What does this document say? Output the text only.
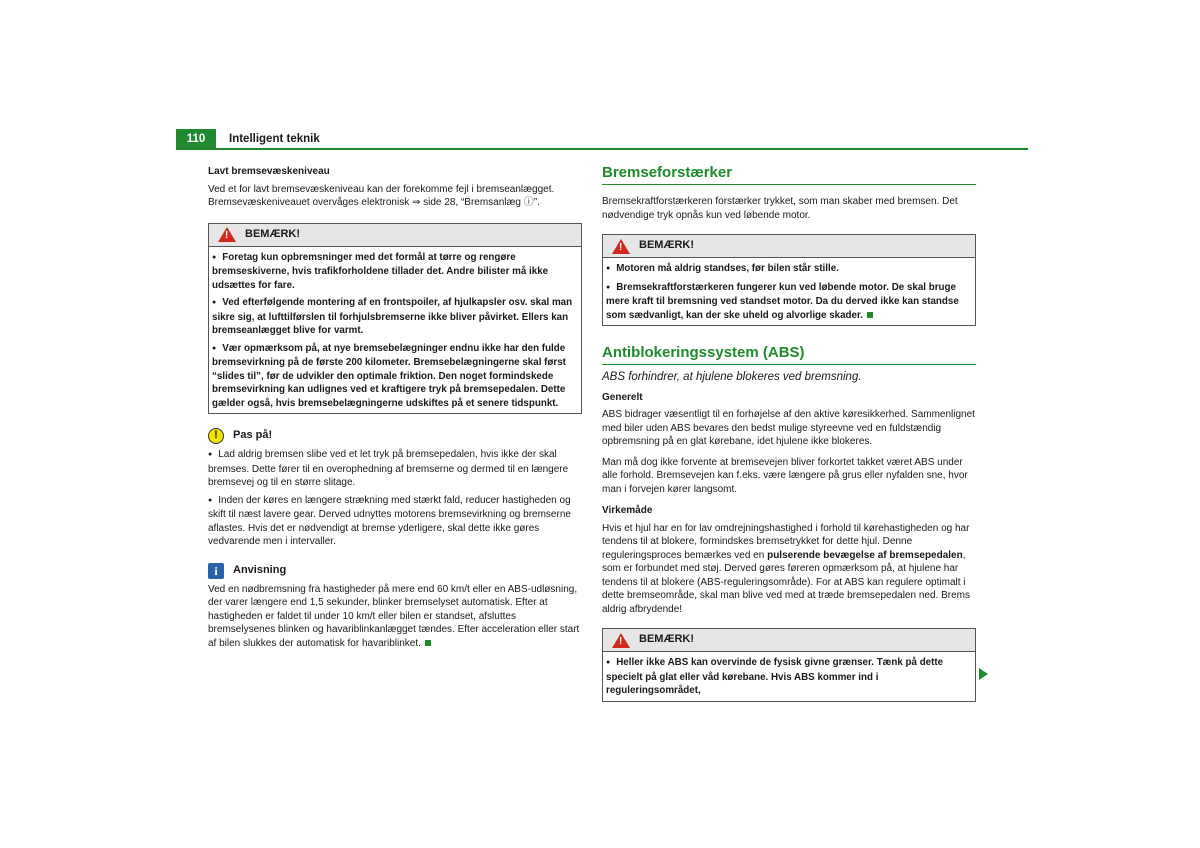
110	Intelligent teknik

Lavt bremsevæskeniveau

Ved et for lavt bremsevæskeniveau kan der forekomme fejl i bremseanlægget. Bremsevæskeniveauet overvåges elektronisk ⇒ side 28, “Bremsanlæg ⓘ”.

!
BEMÆRK!

● Foretag kun opbremsninger med det formål at tørre og rengøre bremseskiverne, hvis trafikforholdene tillader det. Andre bilister må ikke udsættes for fare.

● Ved efterfølgende montering af en frontspoiler, af hjulkapsler osv. skal man sikre sig, at lufttilførslen til forhjulsbremserne ikke bliver påvirket. Ellers kan bremseanlægget blive for varmt.

● Vær opmærksom på, at nye bremsebelægninger endnu ikke har den fulde bremsevirkning på de første 200 kilometer. Bremsebelægningerne skal først “slides til”, før de udvikler den optimale friktion. Den noget formindskede bremsevirkning kan udlignes ved et kraftigere tryk på bremsepedalen. Dette gælder også, hvis bremsebelægningerne udskiftes på et senere tidspunkt.

!	Pas på!

● Lad aldrig bremsen slibe ved et let tryk på bremsepedalen, hvis ikke der skal bremses. Dette fører til en overophedning af bremserne og dermed til en længere bremsevej og til en større slitage.

● Inden der køres en længere strækning med stærkt fald, reducer hastigheden og skift til næst lavere gear. Derved udnyttes motorens bremsevirkning og bremserne aflastes. Hvis det er nødvendigt at bremse yderligere, skal dette ikke gøres vedvarende men i intervaller.

i	Anvisning

Ved en nødbremsning fra hastigheder på mere end 60 km/t eller en ABS-udløsning, der varer længere end 1,5 sekunder, blinker bremselyset automatisk. Efter at hastigheden er faldet til under 10 km/t eller bilen er standset, afsluttes bremselysenes blinken og havariblinkanlægget tændes. Efter acceleration eller start af bilen slukkes der automatisk for havariblinket.

Bremseforstærker

Bremsekraftforstærkeren forstærker trykket, som man skaber med bremsen. Det nødvendige tryk opnås kun ved løbende motor.

!
BEMÆRK!

● Motoren må aldrig standses, før bilen står stille.

● Bremsekraftforstærkeren fungerer kun ved løbende motor. De skal bruge mere kraft til bremsning ved standset motor. Da du derved ikke kan standse som sædvanligt, kan der ske uheld og alvorlige skader.

Antiblokeringssystem (ABS)

ABS forhindrer, at hjulene blokeres ved bremsning.

Generelt

ABS bidrager væsentligt til en forhøjelse af den aktive køresikkerhed. Sammenlignet med biler uden ABS bevares den bedst mulige styreevne ved en fuldstændig opbremsning på en glat kørebane, idet hjulene ikke blokeres.

Man må dog ikke forvente at bremsevejen bliver forkortet takket været ABS under alle forhold. Bremsevejen kan f.eks. være længere på grus eller nyfalden sne, hvor man i forvejen kører langsomt.

Virkemåde

Hvis et hjul har en for lav omdrejningshastighed i forhold til kørehastigheden og har tendens til at blokere, formindskes bremsetrykket for dette hjul. Denne reguleringsproces bemærkes ved en pulserende bevægelse af bremsepedalen, som er forbundet med støj. Derved gøres føreren opmærksom på, at hjulene har tendens til at blokere (ABS-reguleringsområde). For at ABS kan regulere optimalt i dette bremseområde, skal man blive ved med at træde bremsepedalen ned. Brems aldrig afbrydende!

!
BEMÆRK!

● Heller ikke ABS kan overvinde de fysisk givne grænser. Tænk på dette specielt på glat eller våd kørebane. Hvis ABS kommer ind i reguleringsområdet,
